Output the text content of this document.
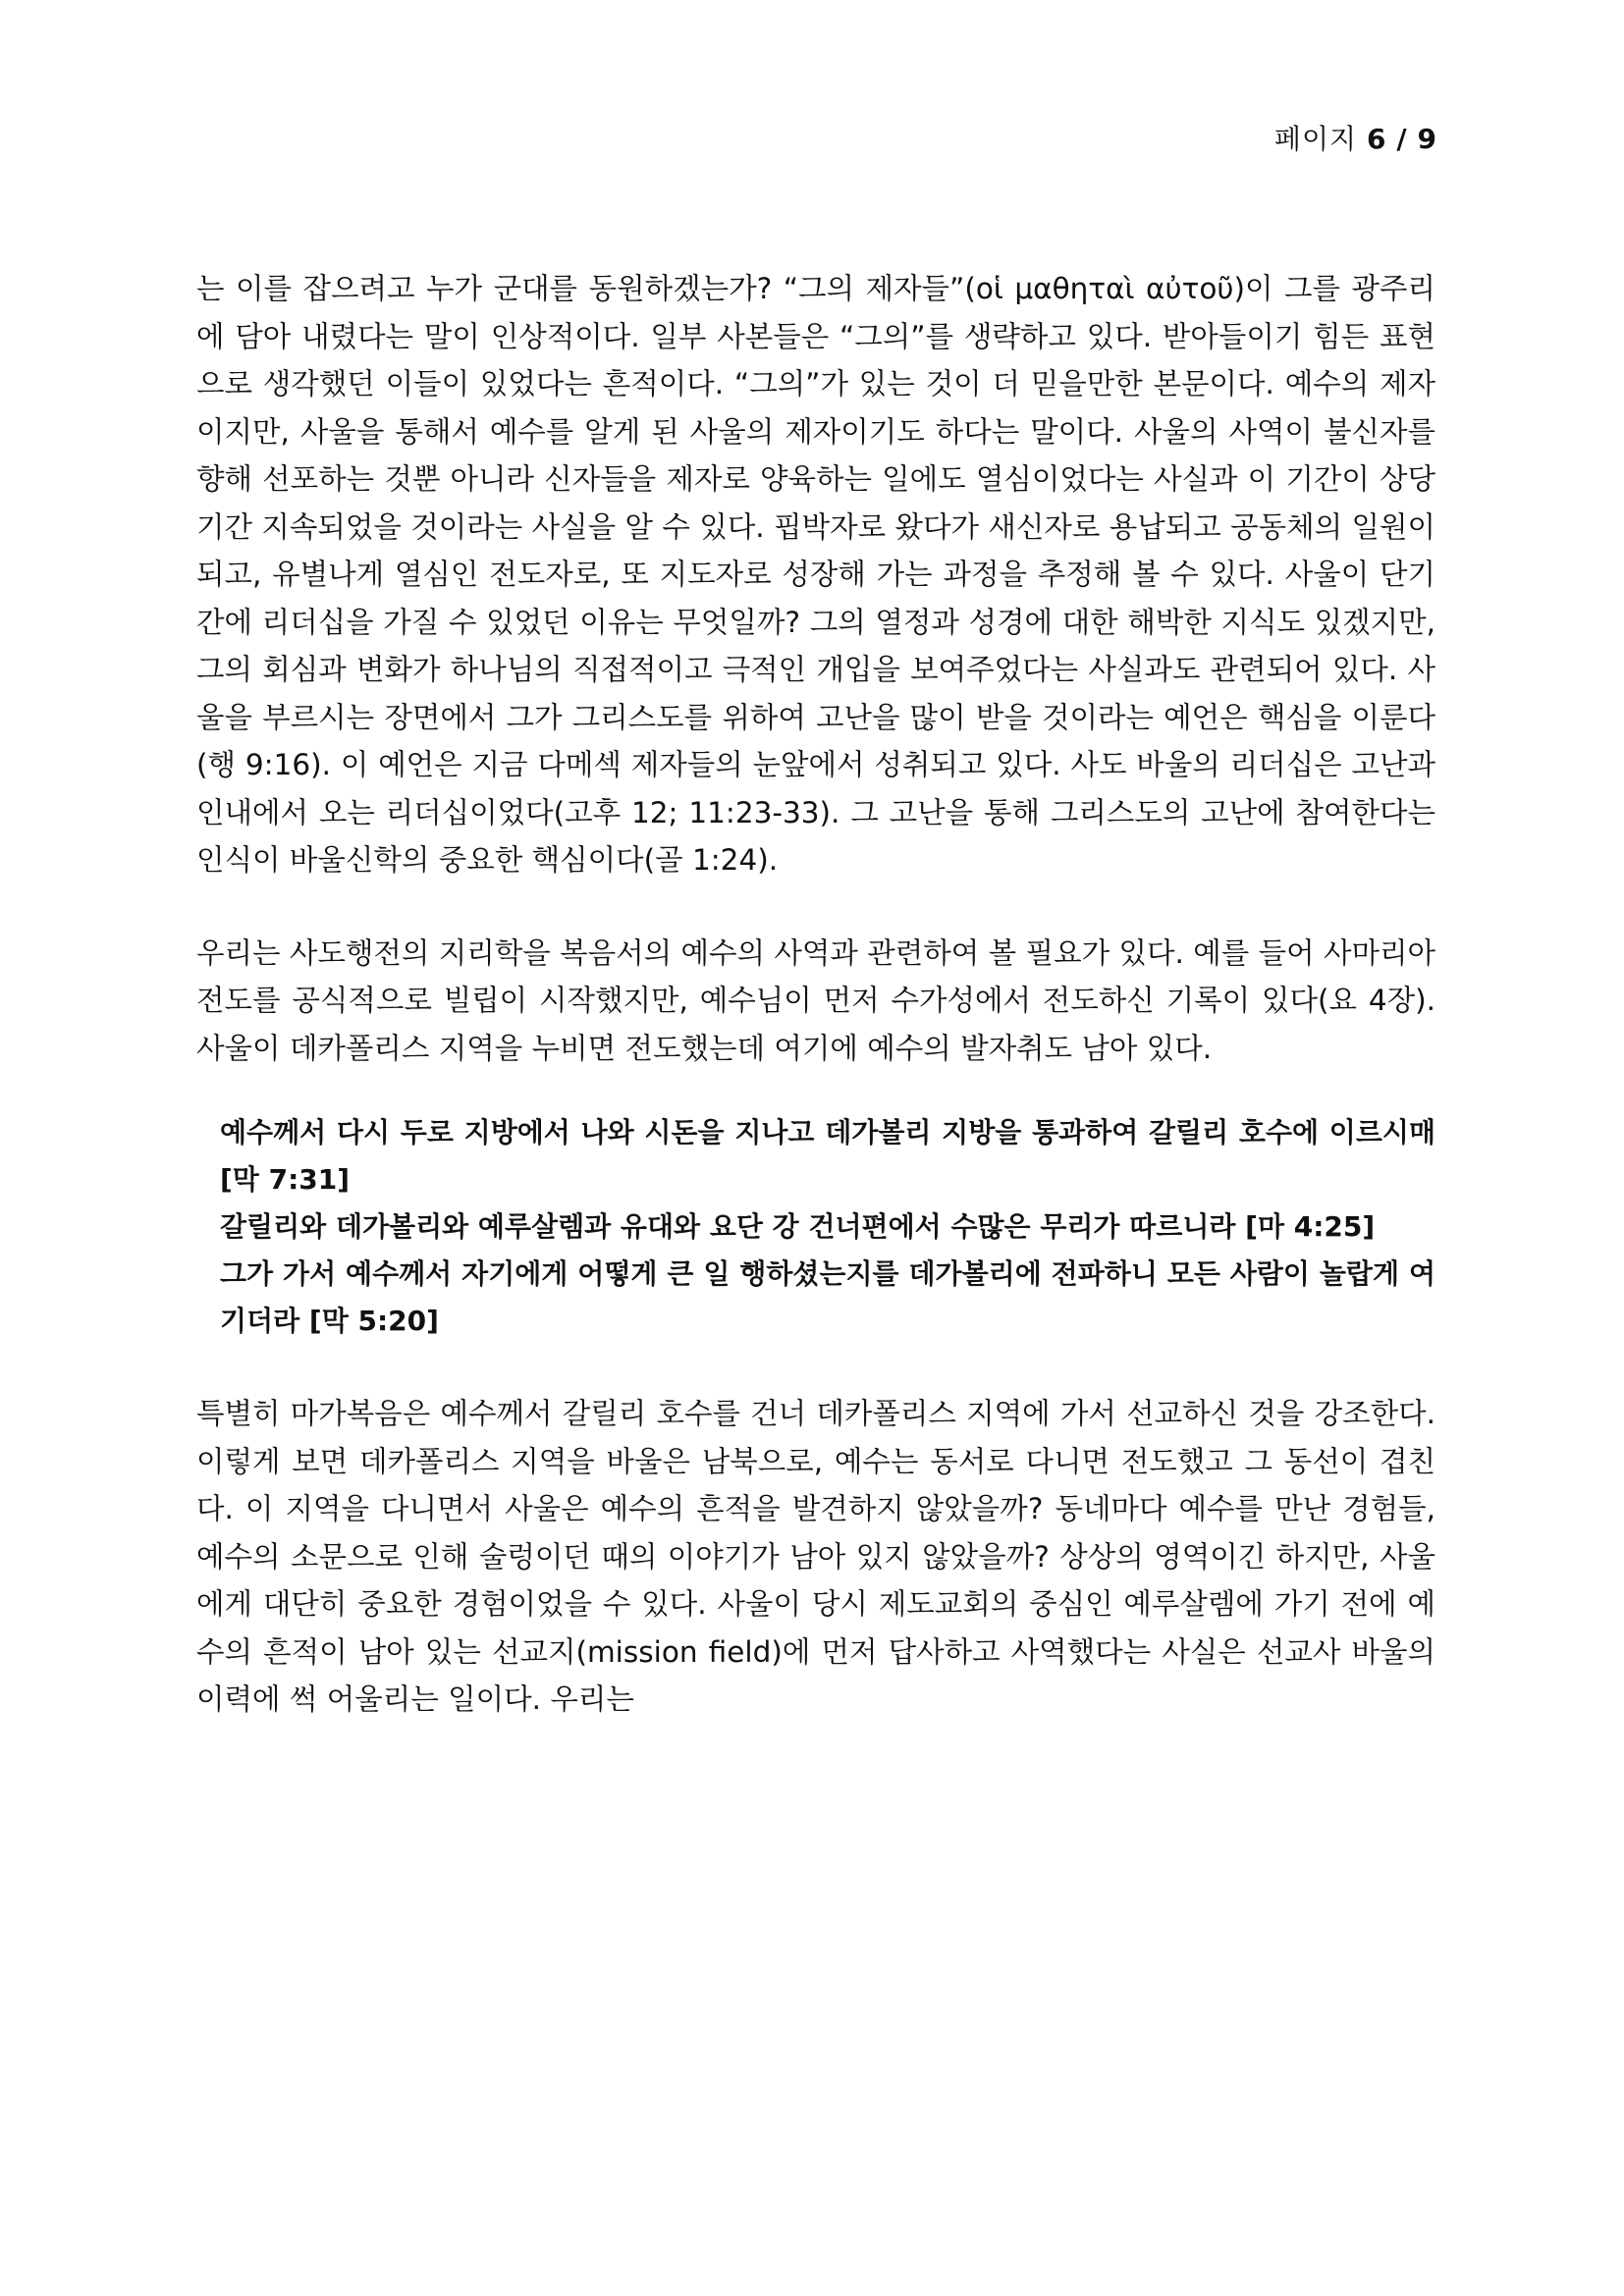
페이지 6 / 9

는 이를 잡으려고 누가 군대를 동원하겠는가? “그의 제자들”(οἱ μαθηταὶ αὐτοῦ)이 그를 광주리에 담아 내렸다는 말이 인상적이다. 일부 사본들은 “그의”를 생략하고 있다. 받아들이기 힘든 표현으로 생각했던 이들이 있었다는 흔적이다. “그의”가 있는 것이 더 믿을만한 본문이다. 예수의 제자이지만, 사울을 통해서 예수를 알게 된 사울의 제자이기도 하다는 말이다. 사울의 사역이 불신자를 향해 선포하는 것뿐 아니라 신자들을 제자로 양육하는 일에도 열심이었다는 사실과 이 기간이 상당기간 지속되었을 것이라는 사실을 알 수 있다. 핍박자로 왔다가 새신자로 용납되고 공동체의 일원이 되고, 유별나게 열심인 전도자로, 또 지도자로 성장해 가는 과정을 추정해 볼 수 있다. 사울이 단기간에 리더십을 가질 수 있었던 이유는 무엇일까? 그의 열정과 성경에 대한 해박한 지식도 있겠지만, 그의 회심과 변화가 하나님의 직접적이고 극적인 개입을 보여주었다는 사실과도 관련되어 있다. 사울을 부르시는 장면에서 그가 그리스도를 위하여 고난을 많이 받을 것이라는 예언은 핵심을 이룬다(행 9:16). 이 예언은 지금 다메섹 제자들의 눈앞에서 성취되고 있다. 사도 바울의 리더십은 고난과 인내에서 오는 리더십이었다(고후 12; 11:23-33). 그 고난을 통해 그리스도의 고난에 참여한다는 인식이 바울신학의 중요한 핵심이다(골 1:24).

우리는 사도행전의 지리학을 복음서의 예수의 사역과 관련하여 볼 필요가 있다. 예를 들어 사마리아 전도를 공식적으로 빌립이 시작했지만, 예수님이 먼저 수가성에서 전도하신 기록이 있다(요 4장). 사울이 데카폴리스 지역을 누비면 전도했는데 여기에 예수의 발자취도 남아 있다.

예수께서 다시 두로 지방에서 나와 시돈을 지나고 데가볼리 지방을 통과하여 갈릴리 호수에 이르시매 [막 7:31]

갈릴리와 데가볼리와 예루살렘과 유대와 요단 강 건너편에서 수많은 무리가 따르니라 [마 4:25]

그가 가서 예수께서 자기에게 어떻게 큰 일 행하셨는지를 데가볼리에 전파하니 모든 사람이 놀랍게 여기더라 [막 5:20]

특별히 마가복음은 예수께서 갈릴리 호수를 건너 데카폴리스 지역에 가서 선교하신 것을 강조한다. 이렇게 보면 데카폴리스 지역을 바울은 남북으로, 예수는 동서로 다니면 전도했고 그 동선이 겹친다. 이 지역을 다니면서 사울은 예수의 흔적을 발견하지 않았을까? 동네마다 예수를 만난 경험들, 예수의 소문으로 인해 술렁이던 때의 이야기가 남아 있지 않았을까? 상상의 영역이긴 하지만, 사울에게 대단히 중요한 경험이었을 수 있다. 사울이 당시 제도교회의 중심인 예루살렘에 가기 전에 예수의 흔적이 남아 있는 선교지(mission field)에 먼저 답사하고 사역했다는 사실은 선교사 바울의 이력에 썩 어울리는 일이다. 우리는
